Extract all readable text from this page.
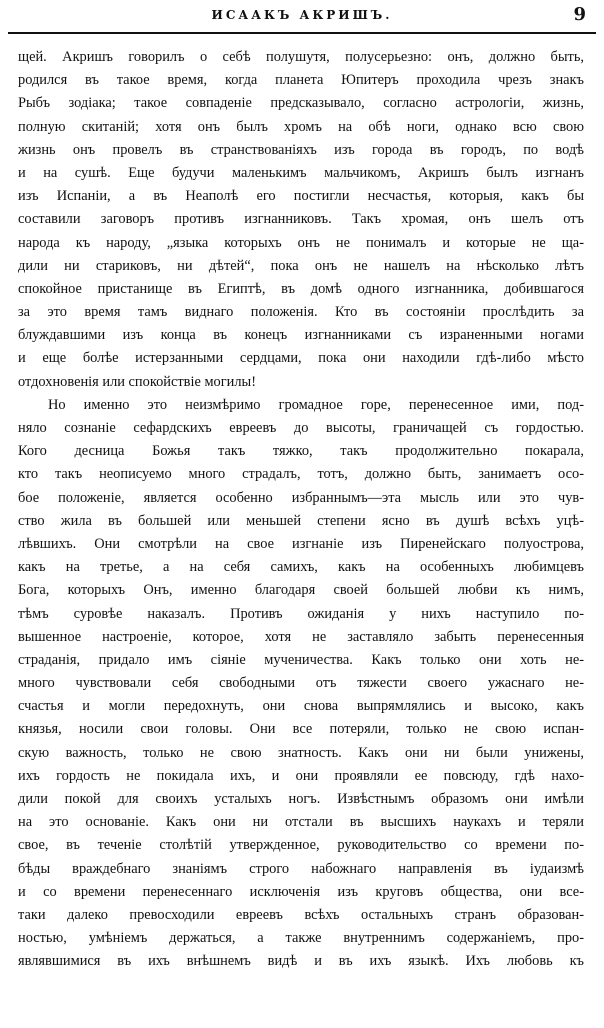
ИСААКЪ АКРИШЪ.	9
щей. Акришъ говорилъ о себѣ полушутя, полусерьезно: онъ, должно быть,
родился въ такое время, когда планета Юпитеръ проходила чрезъ знакъ
Рыбъ зодiака; такое совпаденiе предсказывало, согласно астрологiи, жизнь,
полную скитанiй; хотя онъ былъ хромъ на обѣ ноги, однако всю свою
жизнь онъ провелъ въ странствованiяхъ изъ города въ городъ, по водѣ
и на сушѣ. Еще будучи маленькимъ мальчикомъ, Акришъ былъ изгнанъ
изъ Испанiи, а въ Неаполѣ его постигли несчастья, которыя, какъ бы
составили заговоръ противъ изгнанниковъ. Такъ хромая, онъ шелъ отъ
народа къ народу, „языка которыхъ онъ не понималъ и которые не ща-
дили ни стариковъ, ни дѣтей“, пока онъ не нашелъ на нѣсколько лѣтъ
спокойное пристанище въ Египтѣ, въ домѣ одного изгнанника, добившагося
за это время тамъ виднаго положенiя. Кто въ состоянiи прослѣдить за
блуждавшими изъ конца въ конецъ изгнанниками съ израненными ногами
и еще болѣе истерзанными сердцами, пока они находили гдѣ-либо мѣсто
отдохновенiя или спокойствiе могилы!
Но именно это неизмѣримо громадное горе, перенесенное ими, под-
няло сознанiе сефардскихъ евреевъ до высоты, граничащей съ гордостью.
Кого десница Божья такъ тяжко, такъ продолжительно покарала,
кто такъ неописуемо много страдалъ, тотъ, должно быть, занимаетъ осо-
бое положенiе, является особенно избраннымъ—эта мысль или это чув-
ство жила въ большей или меньшей степени ясно въ душѣ всѣхъ уцѣ-
лѣвшихъ. Они смотрѣли на свое изгнанiе изъ Пиренейскаго полуострова,
какъ на третье, а на себя самихъ, какъ на особенныхъ любимцевъ
Бога, которыхъ Онъ, именно благодаря своей большей любви къ нимъ,
тѣмъ суровѣе наказалъ. Противъ ожиданiя у нихъ наступило по-
вышенное настроенiе, которое, хотя не заставляло забыть перенесенныя
страданiя, придало имъ сiянiе мученичества. Какъ только они хоть не-
много чувствовали себя свободными отъ тяжести своего ужаснаго не-
счастья и могли передохнуть, они снова выпрямлялись и высоко, какъ
князья, носили свои головы. Они все потеряли, только не свою испан-
скую важность, только не свою знатность. Какъ они ни были унижены,
ихъ гордость не покидала ихъ, и они проявляли ее повсюду, гдѣ нахо-
дили покой для своихъ усталыхъ ногъ. Извѣстнымъ образомъ они имѣли
на это основанiе. Какъ они ни отстали въ высшихъ наукахъ и теряли
свое, въ теченiе столѣтiй утвержденное, руководительство со времени по-
бѣды враждебнаго знанiямъ строго набожнаго направленiя въ iудаизмѣ
и со времени перенесеннаго исключенiя изъ круговъ общества, они все-
таки далеко превосходили евреевъ всѣхъ остальныхъ странъ образован-
ностью, умѣнiемъ держаться, а также внутреннимъ содержанiемъ, про-
являвшимися въ ихъ внѣшнемъ видѣ и въ ихъ языкѣ. Ихъ любовь къ
